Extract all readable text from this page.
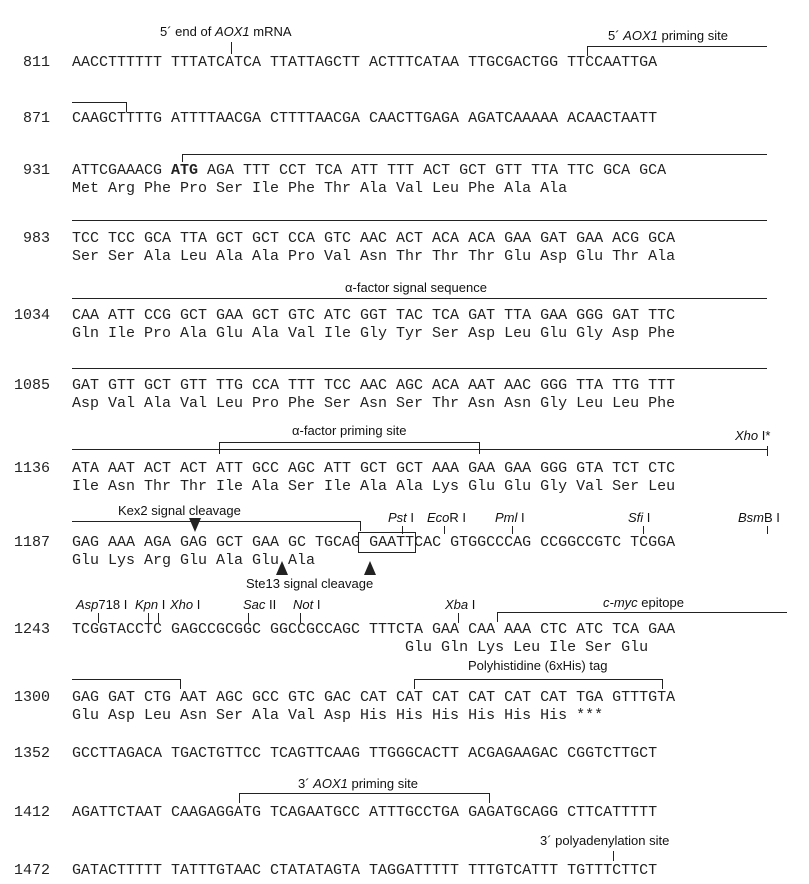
5´ end of AOX1 mRNA	5´ AOX1 priming site
811 AACCTTTTTT TTTATCATCA TTATTAGCTT ACTTTCATAA TTGCGACTGG TTCCAATTGA
871 CAAGCTTTTG ATTTTAACGA CTTTTAACGA CAACTTGAGA AGATCAAAAA ACAACTAATT
931 ATTCGAAACG ATG AGA TTT CCT TCA ATT TTT ACT GCT GTT TTA TTC GCA GCA
Met Arg Phe Pro Ser Ile Phe Thr Ala Val Leu Phe Ala Ala
983 TCC TCC GCA TTA GCT GCT CCA GTC AAC ACT ACA ACA GAA GAT GAA ACG GCA
Ser Ser Ala Leu Ala Ala Pro Val Asn Thr Thr Thr Glu Asp Glu Thr Ala
α-factor signal sequence
1034 CAA ATT CCG GCT GAA GCT GTC ATC GGT TAC TCA GAT TTA GAA GGG GAT TTC
Gln Ile Pro Ala Glu Ala Val Ile Gly Tyr Ser Asp Leu Glu Gly Asp Phe
1085 GAT GTT GCT GTT TTG CCA TTT TCC AAC AGC ACA AAT AAC GGG TTA TTG TTT
Asp Val Ala Val Leu Pro Phe Ser Asn Ser Thr Asn Asn Gly Leu Leu Phe
α-factor priming site	Xho I*
1136 ATA AAT ACT ACT ATT GCC AGC ATT GCT GCT AAA GAA GAA GGG GTA TCT CTC
Ile Asn Thr Thr Ile Ala Ser Ile Ala Ala Lys Glu Glu Gly Val Ser Leu
Kex2 signal cleavage	Pst I EcoR I Pml I	Sfi I	BsmB I
1187 GAG AAA AGA GAG GCT GAA GC TGCAG GAATTCAC GTGGCCCAG CCGGCCGTC TCGGA
Glu Lys Arg Glu Ala Glu Ala
Ste13 signal cleavage
Asp718 I Kpn I Xho I	Sac II Not I	Xba I	c-myc epitope
1243 TCGGTACCTC GAGCCGCGGC GGCCGCCAGC TTTCTA GAA CAA AAA CTC ATC TCA GAA
Glu Gln Lys Leu Ile Ser Glu
Polyhistidine (6xHis) tag
1300 GAG GAT CTG AAT AGC GCC GTC GAC CAT CAT CAT CAT CAT CAT TGA GTTTGTA
Glu Asp Leu Asn Ser Ala Val Asp His His His His His His ***
1352 GCCTTAGACA TGACTGTTCC TCAGTTCAAG TTGGGCACTT ACGAGAAGAC CGGTCTTGCT
3´ AOX1 priming site
1412 AGATTCTAAT CAAGAGGATG TCAGAATGCC ATTTGCCTGA GAGATGCAGG CTTCATTTTT
3´ polyadenylation site
1472 GATACTTTTT TATTTGTAAC CTATATAGTA TAGGATTTTT TTTGTCATTT TGTTTCTTCT
